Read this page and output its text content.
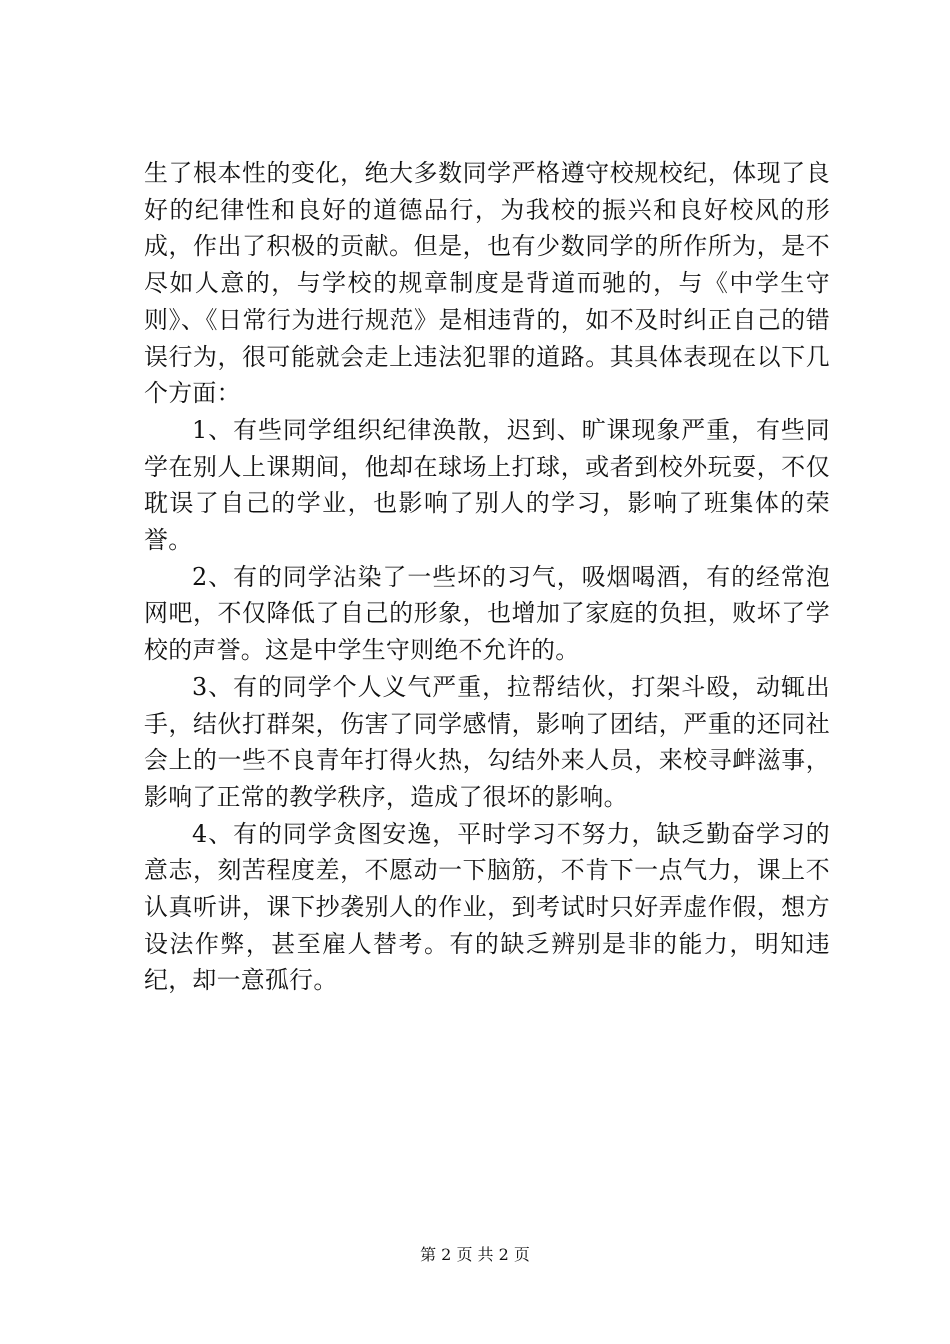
生了根本性的变化，绝大多数同学严格遵守校规校纪，体现了良好的纪律性和良好的道德品行，为我校的振兴和良好校风的形成，作出了积极的贡献。但是，也有少数同学的所作所为，是不尽如人意的，与学校的规章制度是背道而驰的，与《中学生守则》、《日常行为进行规范》是相违背的，如不及时纠正自己的错误行为，很可能就会走上违法犯罪的道路。其具体表现在以下几个方面：

1、有些同学组织纪律涣散，迟到、旷课现象严重，有些同学在别人上课期间，他却在球场上打球，或者到校外玩耍，不仅耽误了自己的学业，也影响了别人的学习，影响了班集体的荣誉。

2、有的同学沾染了一些坏的习气，吸烟喝酒，有的经常泡网吧，不仅降低了自己的形象，也增加了家庭的负担，败坏了学校的声誉。这是中学生守则绝不允许的。

3、有的同学个人义气严重，拉帮结伙，打架斗殴，动辄出手，结伙打群架，伤害了同学感情，影响了团结，严重的还同社会上的一些不良青年打得火热，勾结外来人员，来校寻衅滋事，影响了正常的教学秩序，造成了很坏的影响。

4、有的同学贪图安逸，平时学习不努力，缺乏勤奋学习的意志，刻苦程度差，不愿动一下脑筋，不肯下一点气力，课上不认真听讲，课下抄袭别人的作业，到考试时只好弄虚作假，想方设法作弊，甚至雇人替考。有的缺乏辨别是非的能力，明知违纪，却一意孤行。

第 2 页 共 2 页
